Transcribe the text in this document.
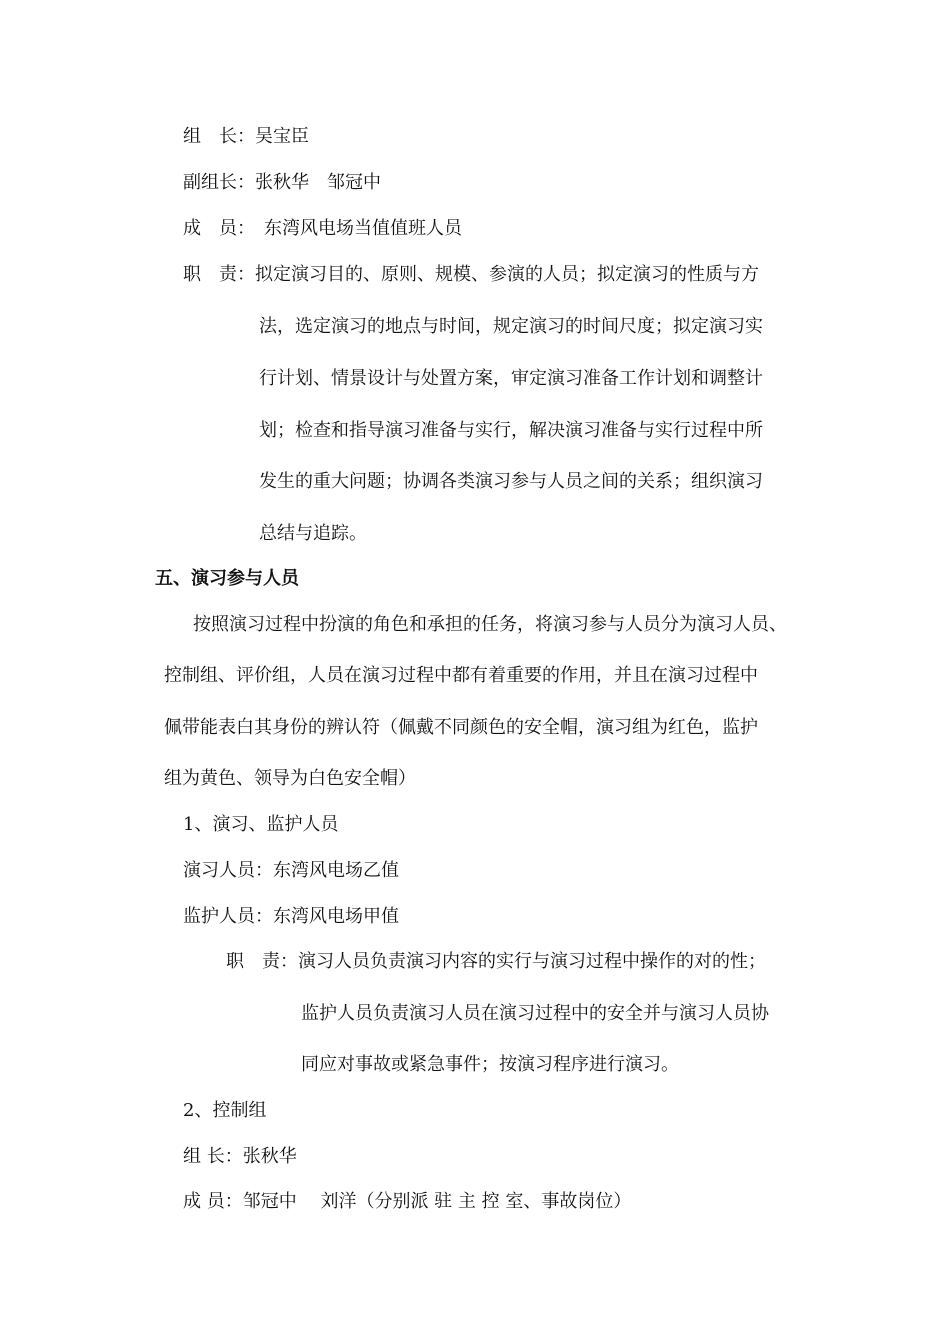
组　长：吴宝臣
副组长：张秋华　邹冠中
成　员：　东湾风电场当值值班人员
职　责：拟定演习目的、原则、规模、参演的人员；拟定演习的性质与方
法，选定演习的地点与时间，规定演习的时间尺度；拟定演习实
行计划、情景设计与处置方案，审定演习准备工作计划和调整计
划；检查和指导演习准备与实行，解决演习准备与实行过程中所
发生的重大问题；协调各类演习参与人员之间的关系；组织演习
总结与追踪。
五、演习参与人员
按照演习过程中扮演的角色和承担的任务，将演习参与人员分为演习人员、
控制组、评价组，人员在演习过程中都有着重要的作用，并且在演习过程中
佩带能表白其身份的辨认符（佩戴不同颜色的安全帽，演习组为红色，监护
组为黄色、领导为白色安全帽）
1、演习、监护人员
演习人员：东湾风电场乙值
监护人员：东湾风电场甲值
职　责：演习人员负责演习内容的实行与演习过程中操作的对的性；
监护人员负责演习人员在演习过程中的安全并与演习人员协
同应对事故或紧急事件；按演习程序进行演习。
2、控制组
组 长：张秋华
成 员：邹冠中　 刘洋（分别派 驻 主 控 室、事故岗位）
